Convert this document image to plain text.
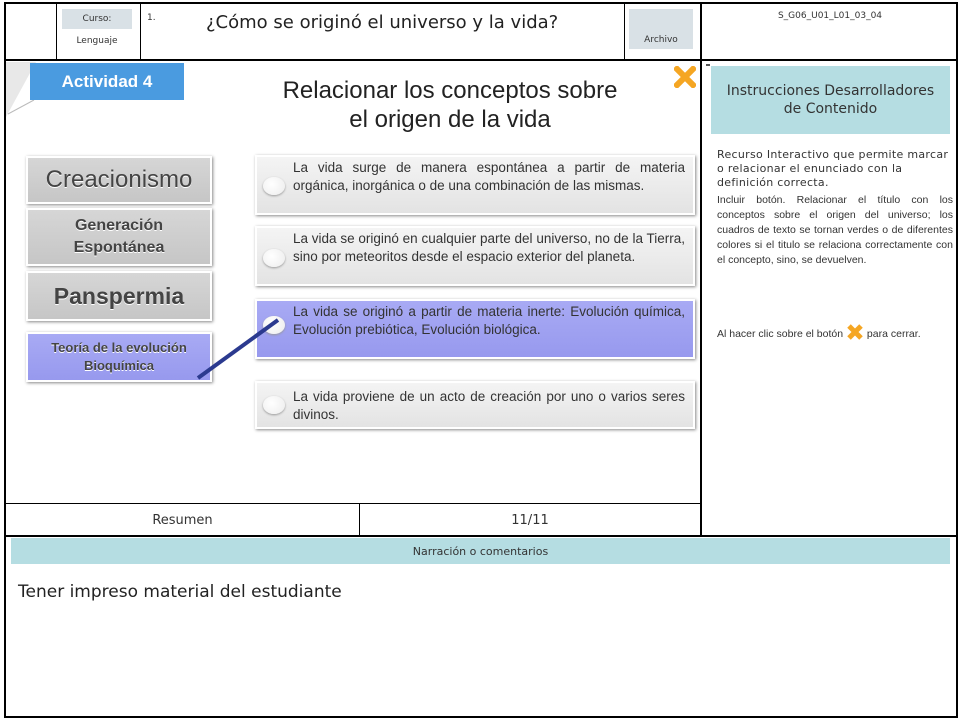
Curso:
Lenguaje
1.	¿Cómo se originó el universo y la vida?
Archivo
S_G06_U01_L01_03_04
Actividad 4	Relacionar los conceptos sobre
el origen de la vida
Creacionismo
Generación Espontánea
Panspermia
Teoría de la evolución Bioquímica
La vida surge de manera espontánea a partir de materia orgánica, inorgánica o de una combinación de las mismas.
La vida se originó en cualquier parte del universo, no de la Tierra, sino por meteoritos desde el espacio exterior del planeta.
La vida se originó a partir de materia inerte: Evolución química, Evolución prebiótica, Evolución biológica.
La vida proviene de un acto de creación por uno o varios seres divinos.
Resumen	11/11
Instrucciones Desarrolladores de Contenido
Recurso Interactivo que permite marcar o relacionar el enunciado con la definición correcta.
Incluir botón. Relacionar el título con los conceptos sobre el origen del universo; los cuadros de texto se tornan verdes o de diferentes colores si el titulo se relaciona correctamente con el concepto, sino, se devuelven.
Al hacer clic sobre el botón para cerrar.
Narración o comentarios
Tener impreso material del estudiante
